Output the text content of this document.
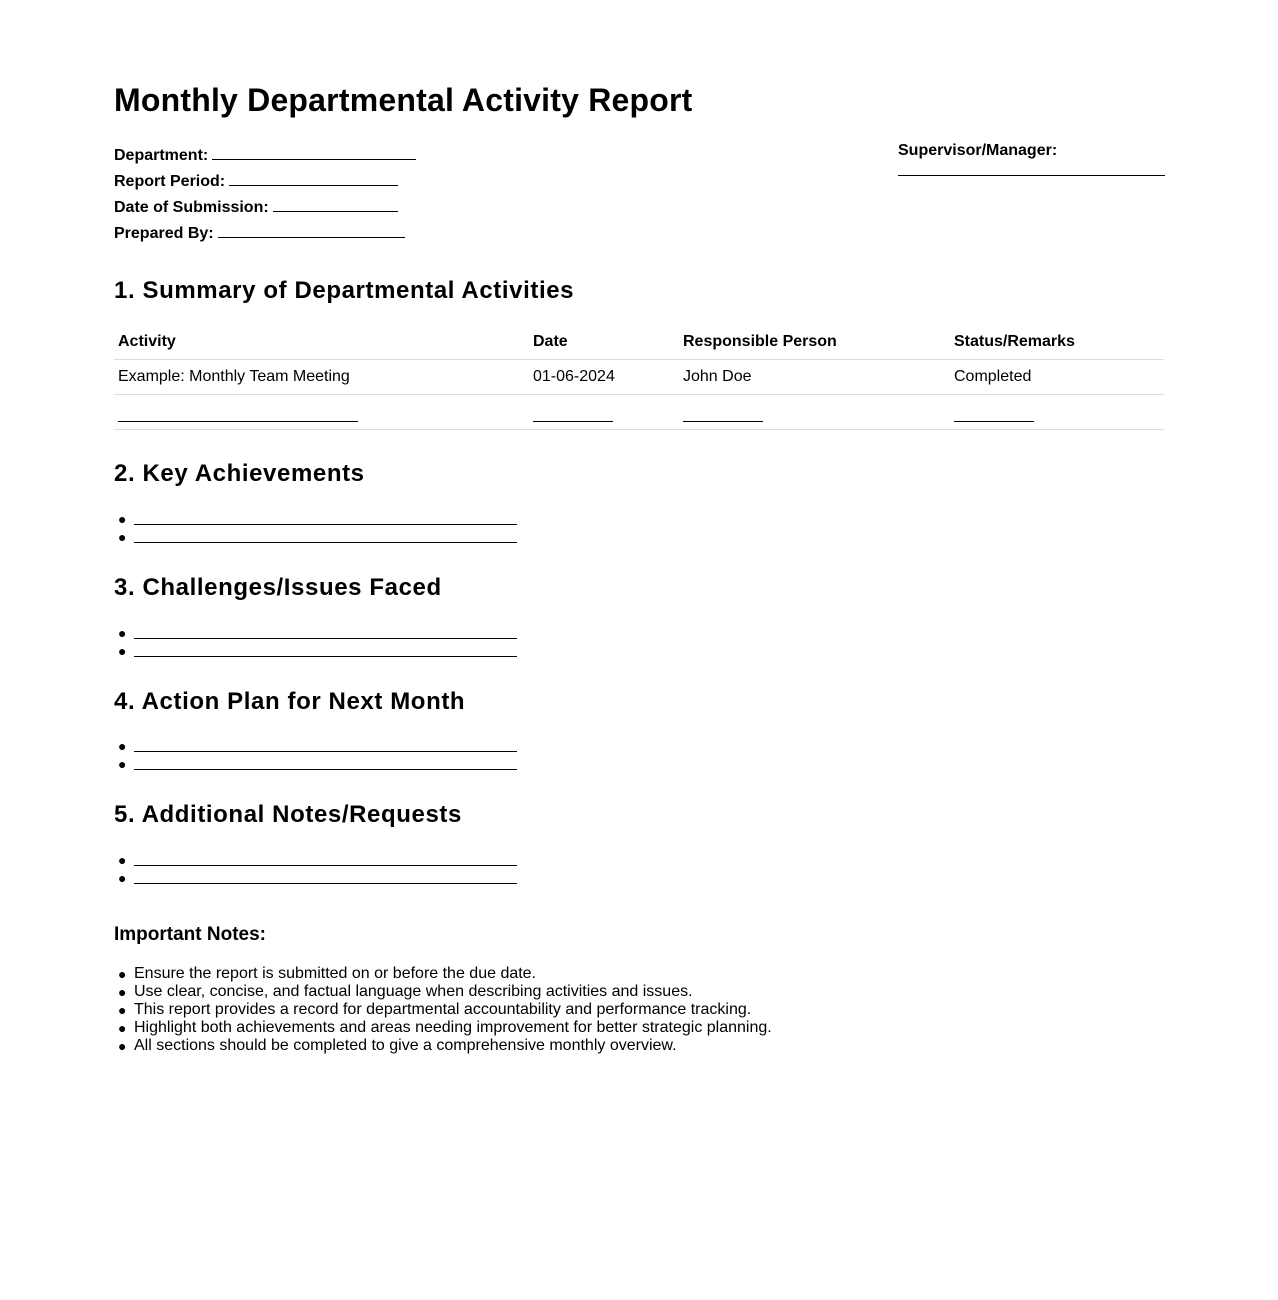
Monthly Departmental Activity Report
Department:
Report Period:
Date of Submission:
Prepared By:
Supervisor/Manager:
1. Summary of Departmental Activities
Activity	Date	Responsible Person	Status/Remarks
Example: Monthly Team Meeting	01-06-2024	John Doe	Completed

2. Key Achievements
●
●
3. Challenges/Issues Faced
●
●
4. Action Plan for Next Month
●
●
5. Additional Notes/Requests
●
●
Important Notes:
● Ensure the report is submitted on or before the due date.
● Use clear, concise, and factual language when describing activities and issues.
● This report provides a record for departmental accountability and performance tracking.
● Highlight both achievements and areas needing improvement for better strategic planning.
● All sections should be completed to give a comprehensive monthly overview.
